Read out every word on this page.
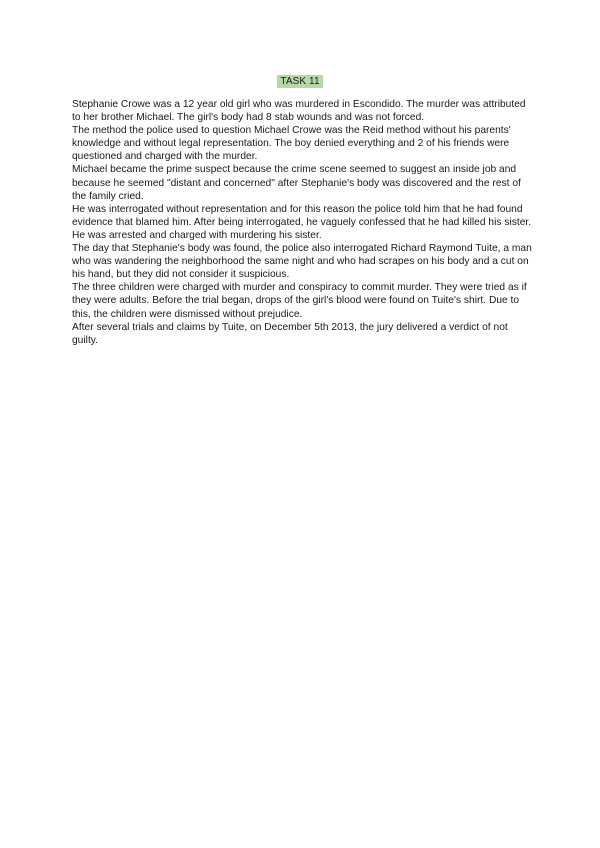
TASK 11

Stephanie Crowe was a 12 year old girl who was murdered in Escondido. The murder was attributed to her brother Michael. The girl's body had 8 stab wounds and was not forced.

The method the police used to question Michael Crowe was the Reid method without his parents' knowledge and without legal representation. The boy denied everything and 2 of his friends were questioned and charged with the murder.

Michael became the prime suspect because the crime scene seemed to suggest an inside job and because he seemed "distant and concerned" after Stephanie's body was discovered and the rest of the family cried.

He was interrogated without representation and for this reason the police told him that he had found evidence that blamed him. After being interrogated, he vaguely confessed that he had killed his sister. He was arrested and charged with murdering his sister.

The day that Stephanie's body was found, the police also interrogated Richard Raymond Tuite, a man who was wandering the neighborhood the same night and who had scrapes on his body and a cut on his hand, but they did not consider it suspicious.

The three children were charged with murder and conspiracy to commit murder. They were tried as if they were adults. Before the trial began, drops of the girl's blood were found on Tuite's shirt. Due to this, the children were dismissed without prejudice.

After several trials and claims by Tuite, on December 5th 2013, the jury delivered a verdict of not guilty.
